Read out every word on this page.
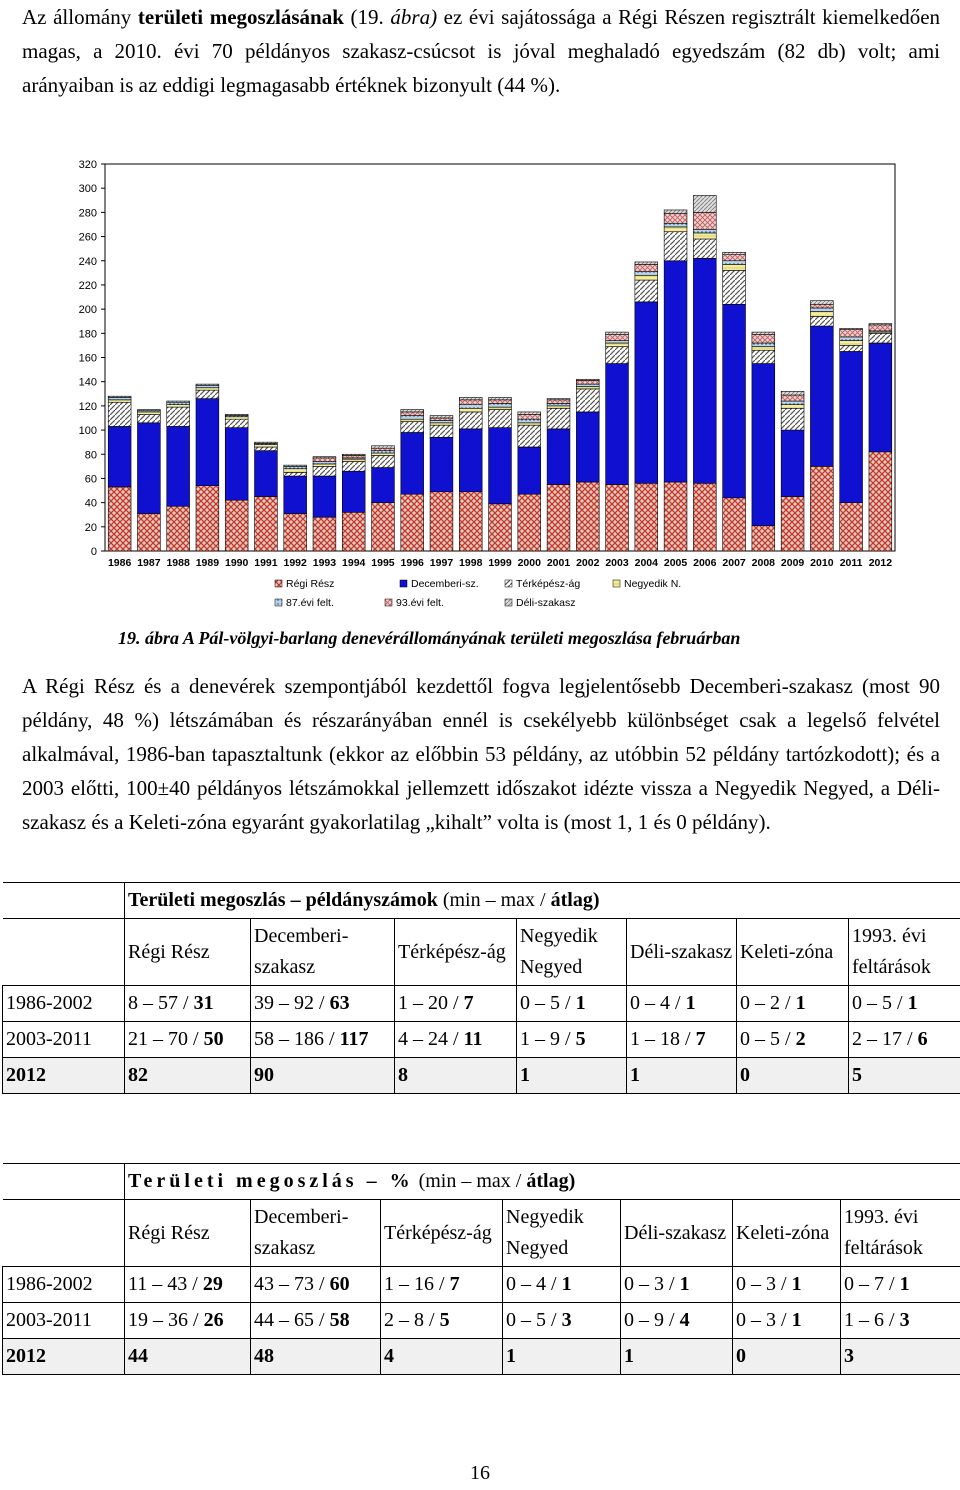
Az állomány területi megoszlásának (19. ábra) ez évi sajátossága a Régi Részen regisztrált kiemelkedően magas, a 2010. évi 70 példányos szakasz-csúcsot is jóval meghaladó egyedszám (82 db) volt; ami arányaiban is az eddigi legmagasabb értéknek bizonyult (44 %).

0
20
40
60
80
100
120
140
160
180
200
220
240
260
280
300
320
1986 1987 1988 1989 1990 1991 1992 1993 1994 1995 1996 1997 1998 1999 2000 2001 2002 2003 2004 2005 2006 2007 2008 2009 2010 2011 2012
Régi Rész	Decemberi-sz.	Térképész-ág	Negyedik N.
87.évi felt.	93.évi felt.	Déli-szakasz
19. ábra A Pál-völgyi-barlang denevérállományának területi megoszlása februárban

A Régi Rész és a denevérek szempontjából kezdettől fogva legjelentősebb Decemberi-szakasz (most 90 példány, 48 %) létszámában és részarányában ennél is csekélyebb különbséget csak a legelső felvétel alkalmával, 1986-ban tapasztaltunk (ekkor az előbbin 53 példány, az utóbbin 52 példány tartózkodott); és a 2003 előtti, 100±40 példányos létszámokkal jellemzett időszakot idézte vissza a Negyedik Negyed, a Déli-szakasz és a Keleti-zóna egyaránt gyakorlatilag „kihalt” volta is (most 1, 1 és 0 példány).

	Területi megoszlás – példányszámok (min – max / átlag)						
	Régi Rész	Decemberi-szakasz	Térképész-ág	Negyedik Negyed	Déli-szakasz	Keleti-zóna	1993. évi feltárások
1986-2002	8 – 57 / 31	39 – 92 / 63	1 – 20 / 7	0 – 5 / 1	0 – 4 / 1	0 – 2 / 1	0 – 5 / 1
2003-2011	21 – 70 / 50	58 – 186 / 117	4 – 24 / 11	1 – 9 / 5	1 – 18 / 7	0 – 5 / 2	2 – 17 / 6
2012	82	90	8	1	1	0	5
	Területi megoszlás – % (min – max / átlag)						
	Régi Rész	Decemberi-szakasz	Térképész-ág	Negyedik Negyed	Déli-szakasz	Keleti-zóna	1993. évi feltárások
1986-2002	11 – 43 / 29	43 – 73 / 60	1 – 16 / 7	0 – 4 / 1	0 – 3 / 1	0 – 3 / 1	0 – 7 / 1
2003-2011	19 – 36 / 26	44 – 65 / 58	2 – 8 / 5	0 – 5 / 3	0 – 9 / 4	0 – 3 / 1	1 – 6 / 3
2012	44	48	4	1	1	0	3
16
